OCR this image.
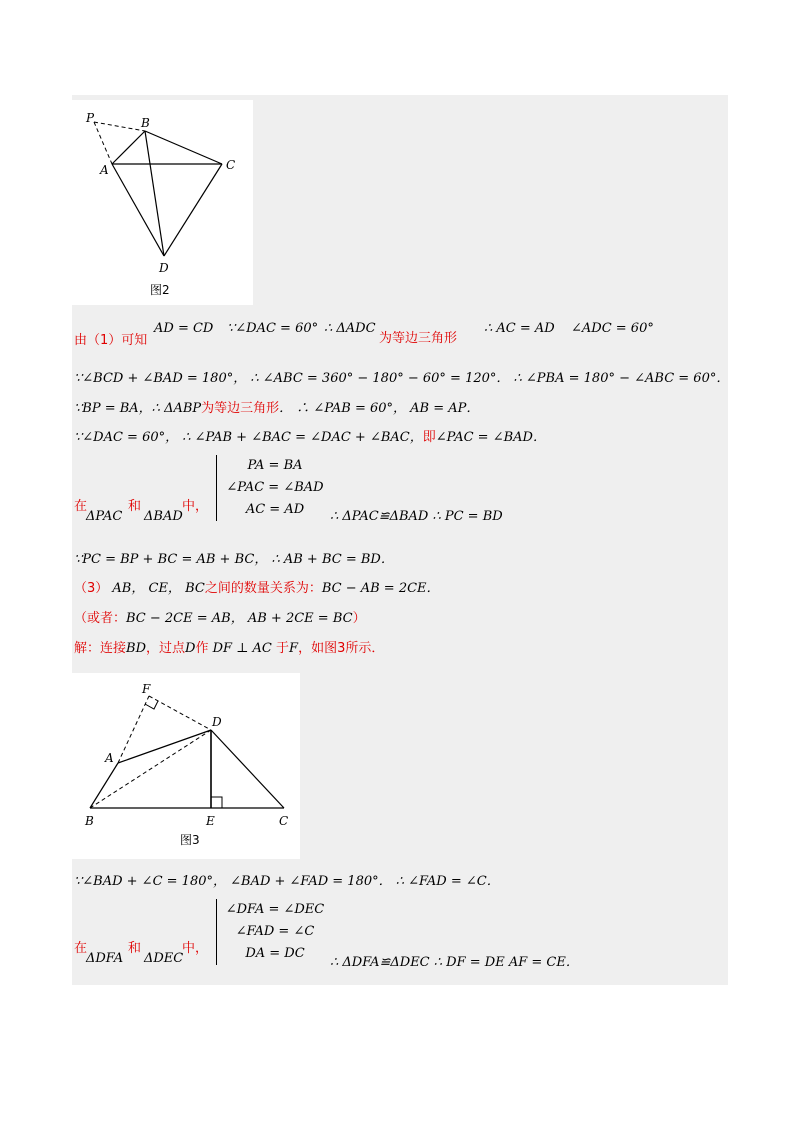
P	B
A	C
D
图2
由（1）可知
AD = CD ∵∠DAC = 60° ∴ ΔADC
为等边三角形
∴ AC = AD ∠ADC = 60°
∵∠BCD + ∠BAD = 180°， ∴ ∠ABC = 360° − 180° − 60° = 120°． ∴ ∠PBA = 180° − ∠ABC = 60°．
∵BP = BA，∴ ΔABP为等边三角形． ∴ ∠PAB = 60°， AB = AP．
∵∠DAC = 60°， ∴ ∠PAB + ∠BAC = ∠DAC + ∠BAC，即∠PAC = ∠BAD．
在	和	中，
ΔPAC ΔBAD
PA = BA
∠PAC = ∠BAD
AC = AD	∴ ΔPAC≌ΔBAD ∴ PC = BD
∵PC = BP + BC = AB + BC， ∴ AB + BC = BD．
（3） AB， CE， BC之间的数量关系为：BC − AB = 2CE．
（或者：BC − 2CE = AB， AB + 2CE = BC）
解：连接BD，过点D作 DF ⊥ AC 于F，如图3所示．
F
D
A
B	E	C
图3
∵∠BAD + ∠C = 180°， ∠BAD + ∠FAD = 180°． ∴ ∠FAD = ∠C．
在	和	中，
ΔDFA ΔDEC
∠DFA = ∠DEC
∠FAD = ∠C
DA = DC
∴ ΔDFA≌ΔDEC ∴ DF = DE AF = CE．
